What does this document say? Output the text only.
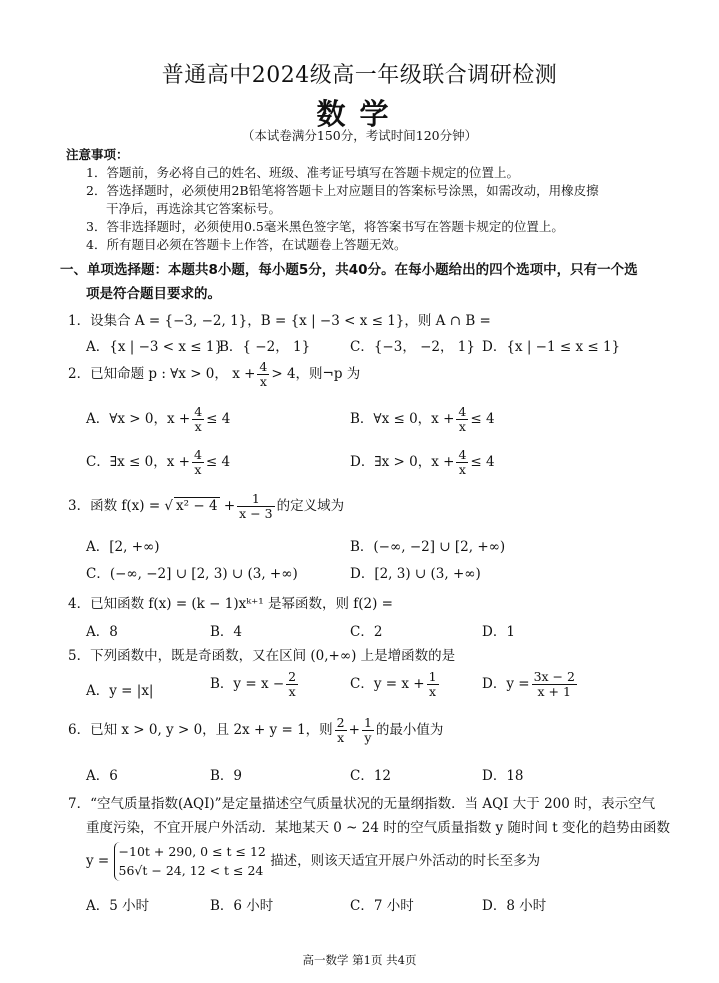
普通高中2024级高一年级联合调研检测
数学
（本试卷满分150分，考试时间120分钟）
注意事项：
1．答题前，务必将自己的姓名、班级、准考证号填写在答题卡规定的位置上。
2．答选择题时，必须使用2B铅笔将答题卡上对应题目的答案标号涂黑，如需改动，用橡皮擦
干净后，再选涂其它答案标号。
3．答非选择题时，必须使用0.5毫米黑色签字笔，将答案书写在答题卡规定的位置上。
4．所有题目必须在答题卡上作答，在试题卷上答题无效。
一、单项选择题：本题共8小题，每小题5分，共40分。在每小题给出的四个选项中，只有一个选
项是符合题目要求的。
1．设集合 A = {−3, −2, 1}，B = {x | −3 < x ≤ 1}，则 A ∩ B =
A．{x | −3 < x ≤ 1}
B．{ −2， 1}	C．{−3， −2， 1} D．{x | −1 ≤ x ≤ 1}
2．已知命题 p : ∀x > 0， $x + \frac{4}{x} > 4$，则¬p 为
A．∀x > 0，$x + \frac{4}{x} \le 4$	B．∀x ≤ 0，$x + \frac{4}{x} \le 4$
C．∃x ≤ 0，$x + \frac{4}{x} \le 4$	D．∃x > 0，$x + \frac{4}{x} \le 4$
3．函数 f(x) = √ $x^2 - 4 + \frac{1}{x - 3}$ 的定义域为
A．[2, +∞)	B．(−∞, −2] ∪ [2, +∞)
C．(−∞, −2] ∪ [2, 3) ∪ (3, +∞)	D．[2, 3) ∪ (3, +∞)
4．已知函数 f(x) = (k − 1)xᵏ⁺¹ 是幂函数，则 f(2) =
A．8	B．4	C．2	D．1
5．下列函数中，既是奇函数，又在区间 (0,+∞) 上是增函数的是
A．y = |x|	B．$y = x - \frac{2}{x}$	C．$y = x + \frac{1}{x}$	D．$y = \frac{3x - 2}{x + 1}$
6．已知 x > 0, y > 0，且 2x + y = 1，则 $\frac{2}{x} + \frac{1}{y}$ 的最小值为
A．6	B．9	C．12	D．18
7．“空气质量指数(AQI)”是定量描述空气质量状况的无量纲指数．当 AQI 大于 200 时，表示空气
重度污染，不宜开展户外活动．某地某天 0 ~ 24 时的空气质量指数 y 随时间 t 变化的趋势由函数
y =
−10t + 290, 0 ≤ t ≤ 12
56√t − 24, 12 < t ≤ 24
描述，则该天适宜开展户外活动的时长至多为
A．5 小时	B．6 小时	C．7 小时	D．8 小时
高一数学 第1页 共4页
